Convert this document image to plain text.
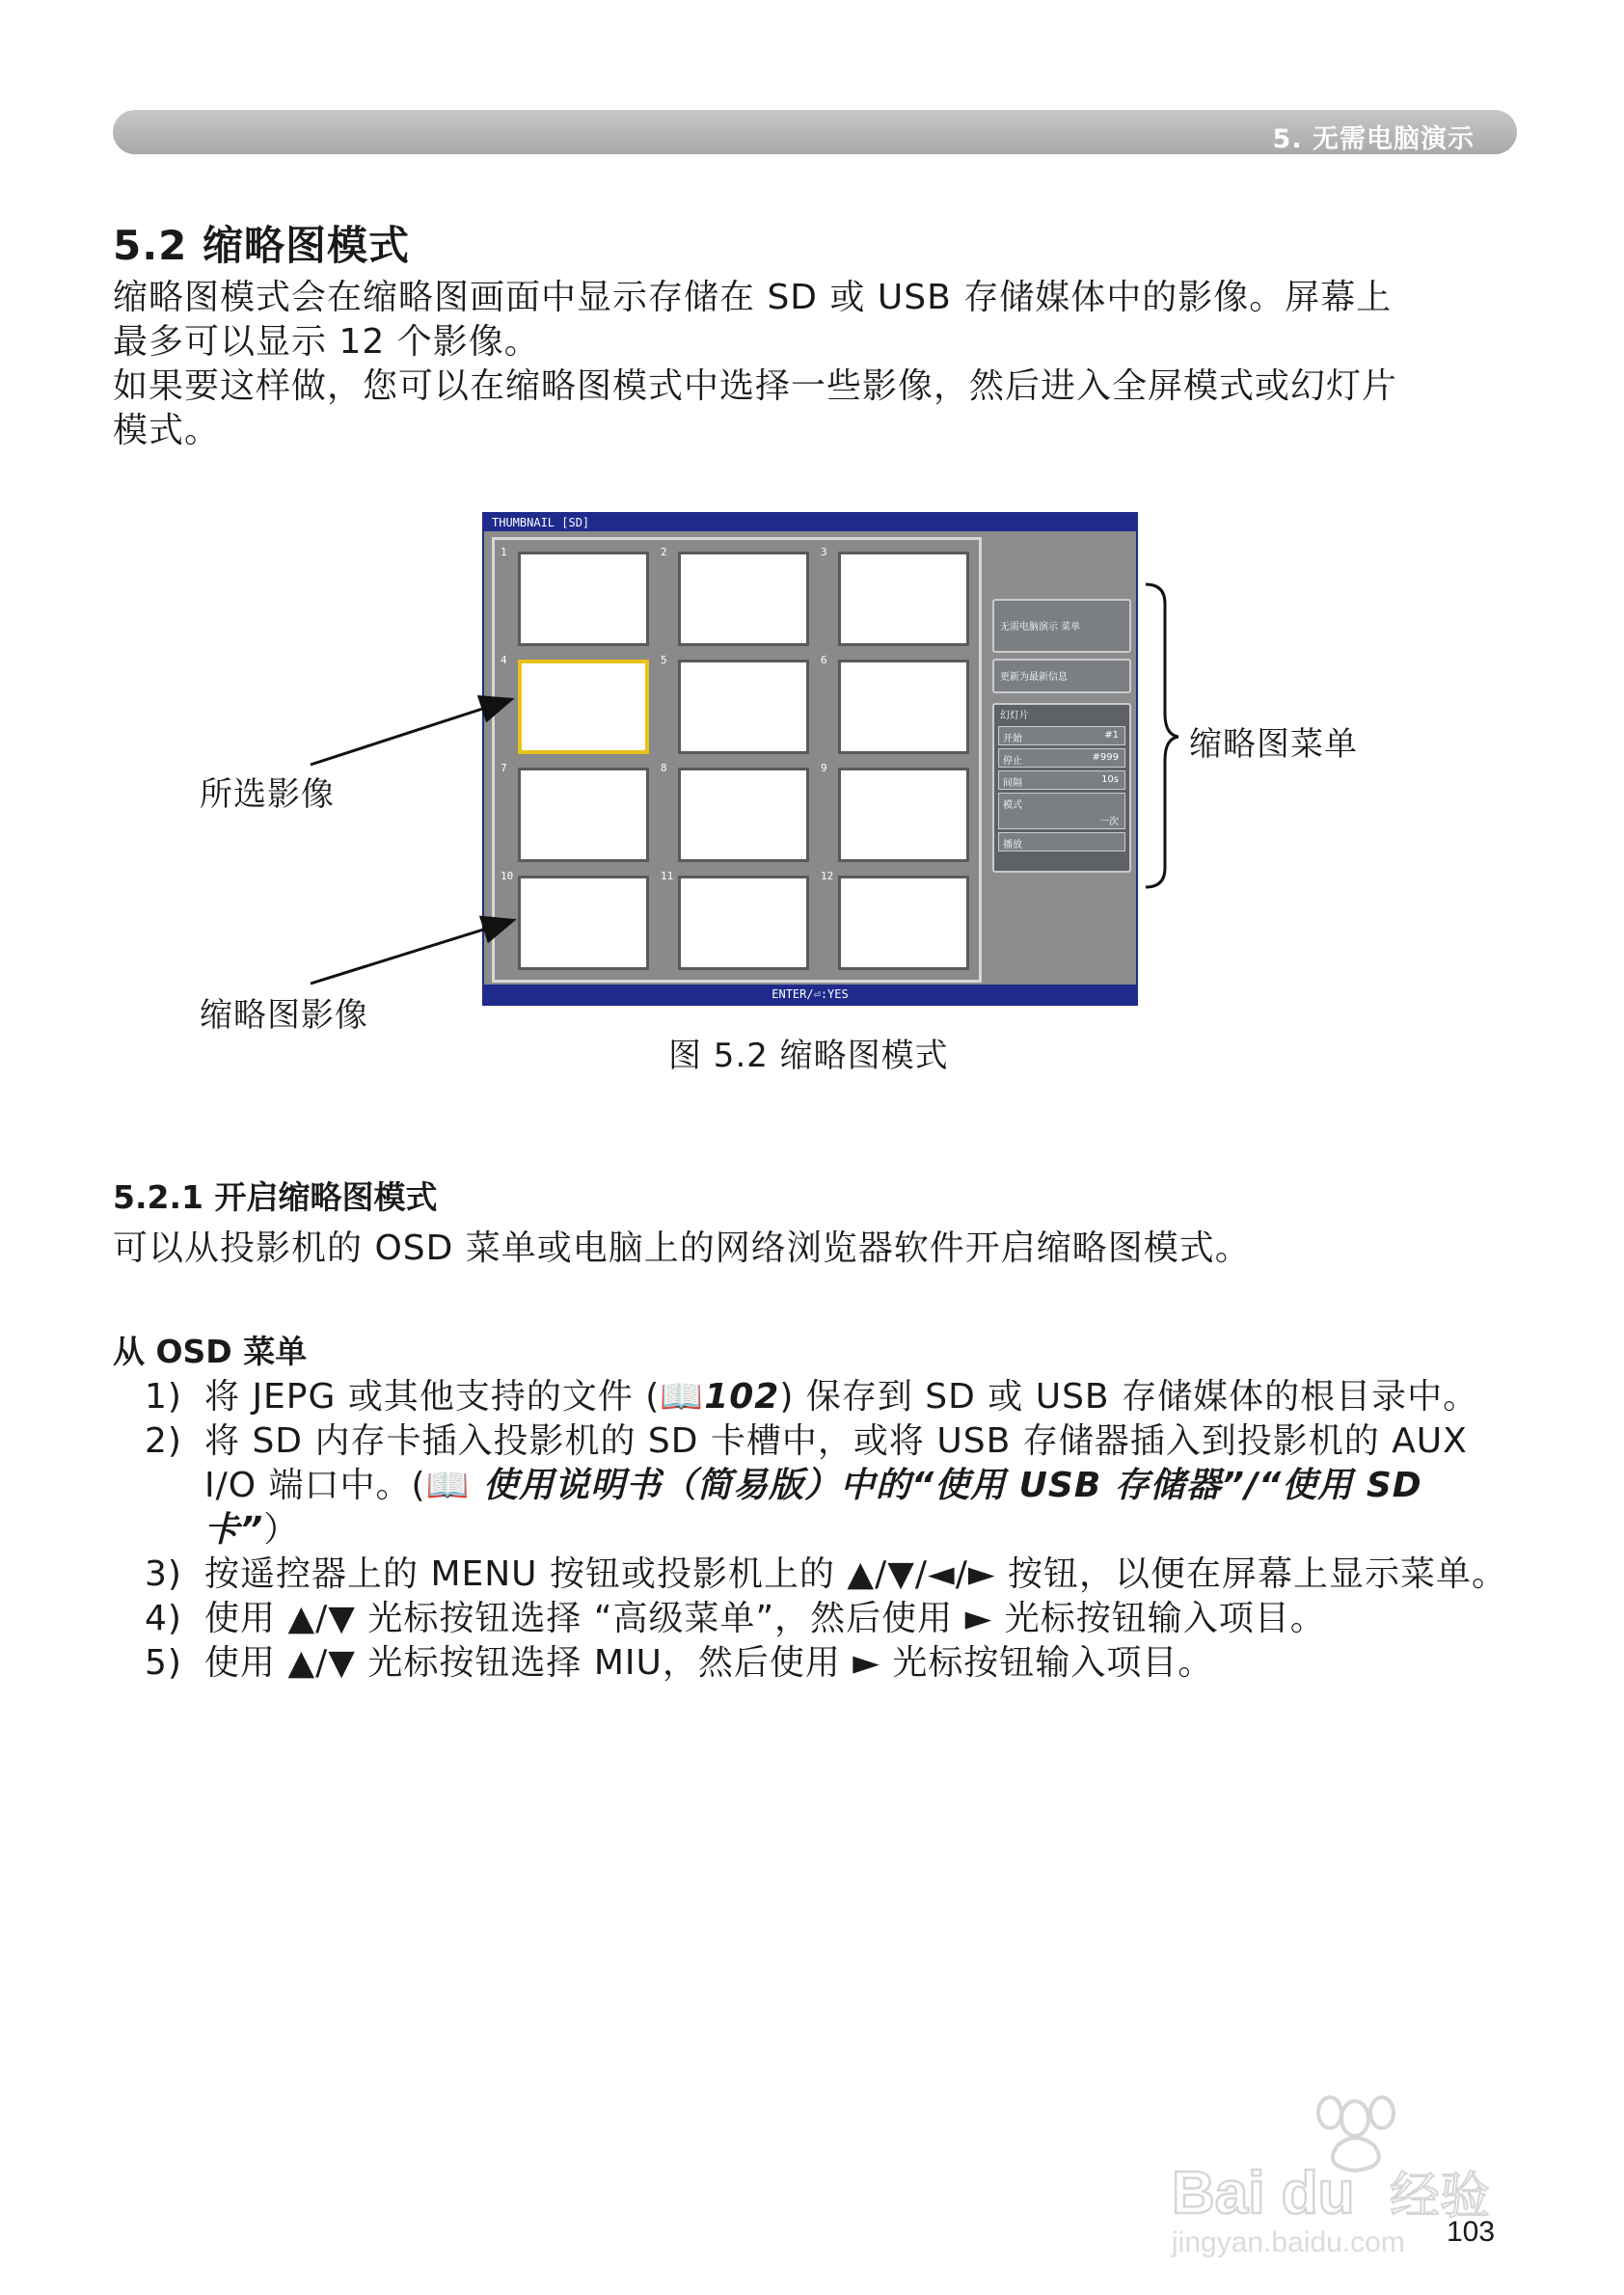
5. 无需电脑演示
5.2 缩略图模式

缩略图模式会在缩略图画面中显示存储在 SD 或 USB 存储媒体中的影像。屏幕上

最多可以显示 12 个影像。

如果要这样做，您可以在缩略图模式中选择一些影像，然后进入全屏模式或幻灯片

模式。

THUMBNAIL [SD]
1	2	3
4	5	6
7	8	9
10	11	12
无需电脑演示 菜单
更新为最新信息
幻灯片
开始	#1
停止	#999
间隔	10s
模式
一次
播放
ENTER/⏎:YES
所选影像
缩略图影像
缩略图菜单
图 5.2 缩略图模式
5.2.1 开启缩略图模式

可以从投影机的 OSD 菜单或电脑上的网络浏览器软件开启缩略图模式。

从 OSD 菜单
1) 将 JEPG 或其他支持的文件 (📖102) 保存到 SD 或 USB 存储媒体的根目录中。
2) 将 SD 内存卡插入投影机的 SD 卡槽中，或将 USB 存储器插入到投影机的 AUX I/O 端口中。(📖 使用说明书（简易版）中的“使用 USB 存储器”/“使用 SD 卡”）
3) 按遥控器上的 MENU 按钮或投影机上的 ▲/▼/◄/► 按钮，以便在屏幕上显示菜单。
4) 使用 ▲/▼ 光标按钮选择 “高级菜单”，然后使用 ► 光标按钮输入项目。
5) 使用 ▲/▼ 光标按钮选择 MIU，然后使用 ► 光标按钮输入项目。
Bai du 经验
jingyan.baidu.com 103
